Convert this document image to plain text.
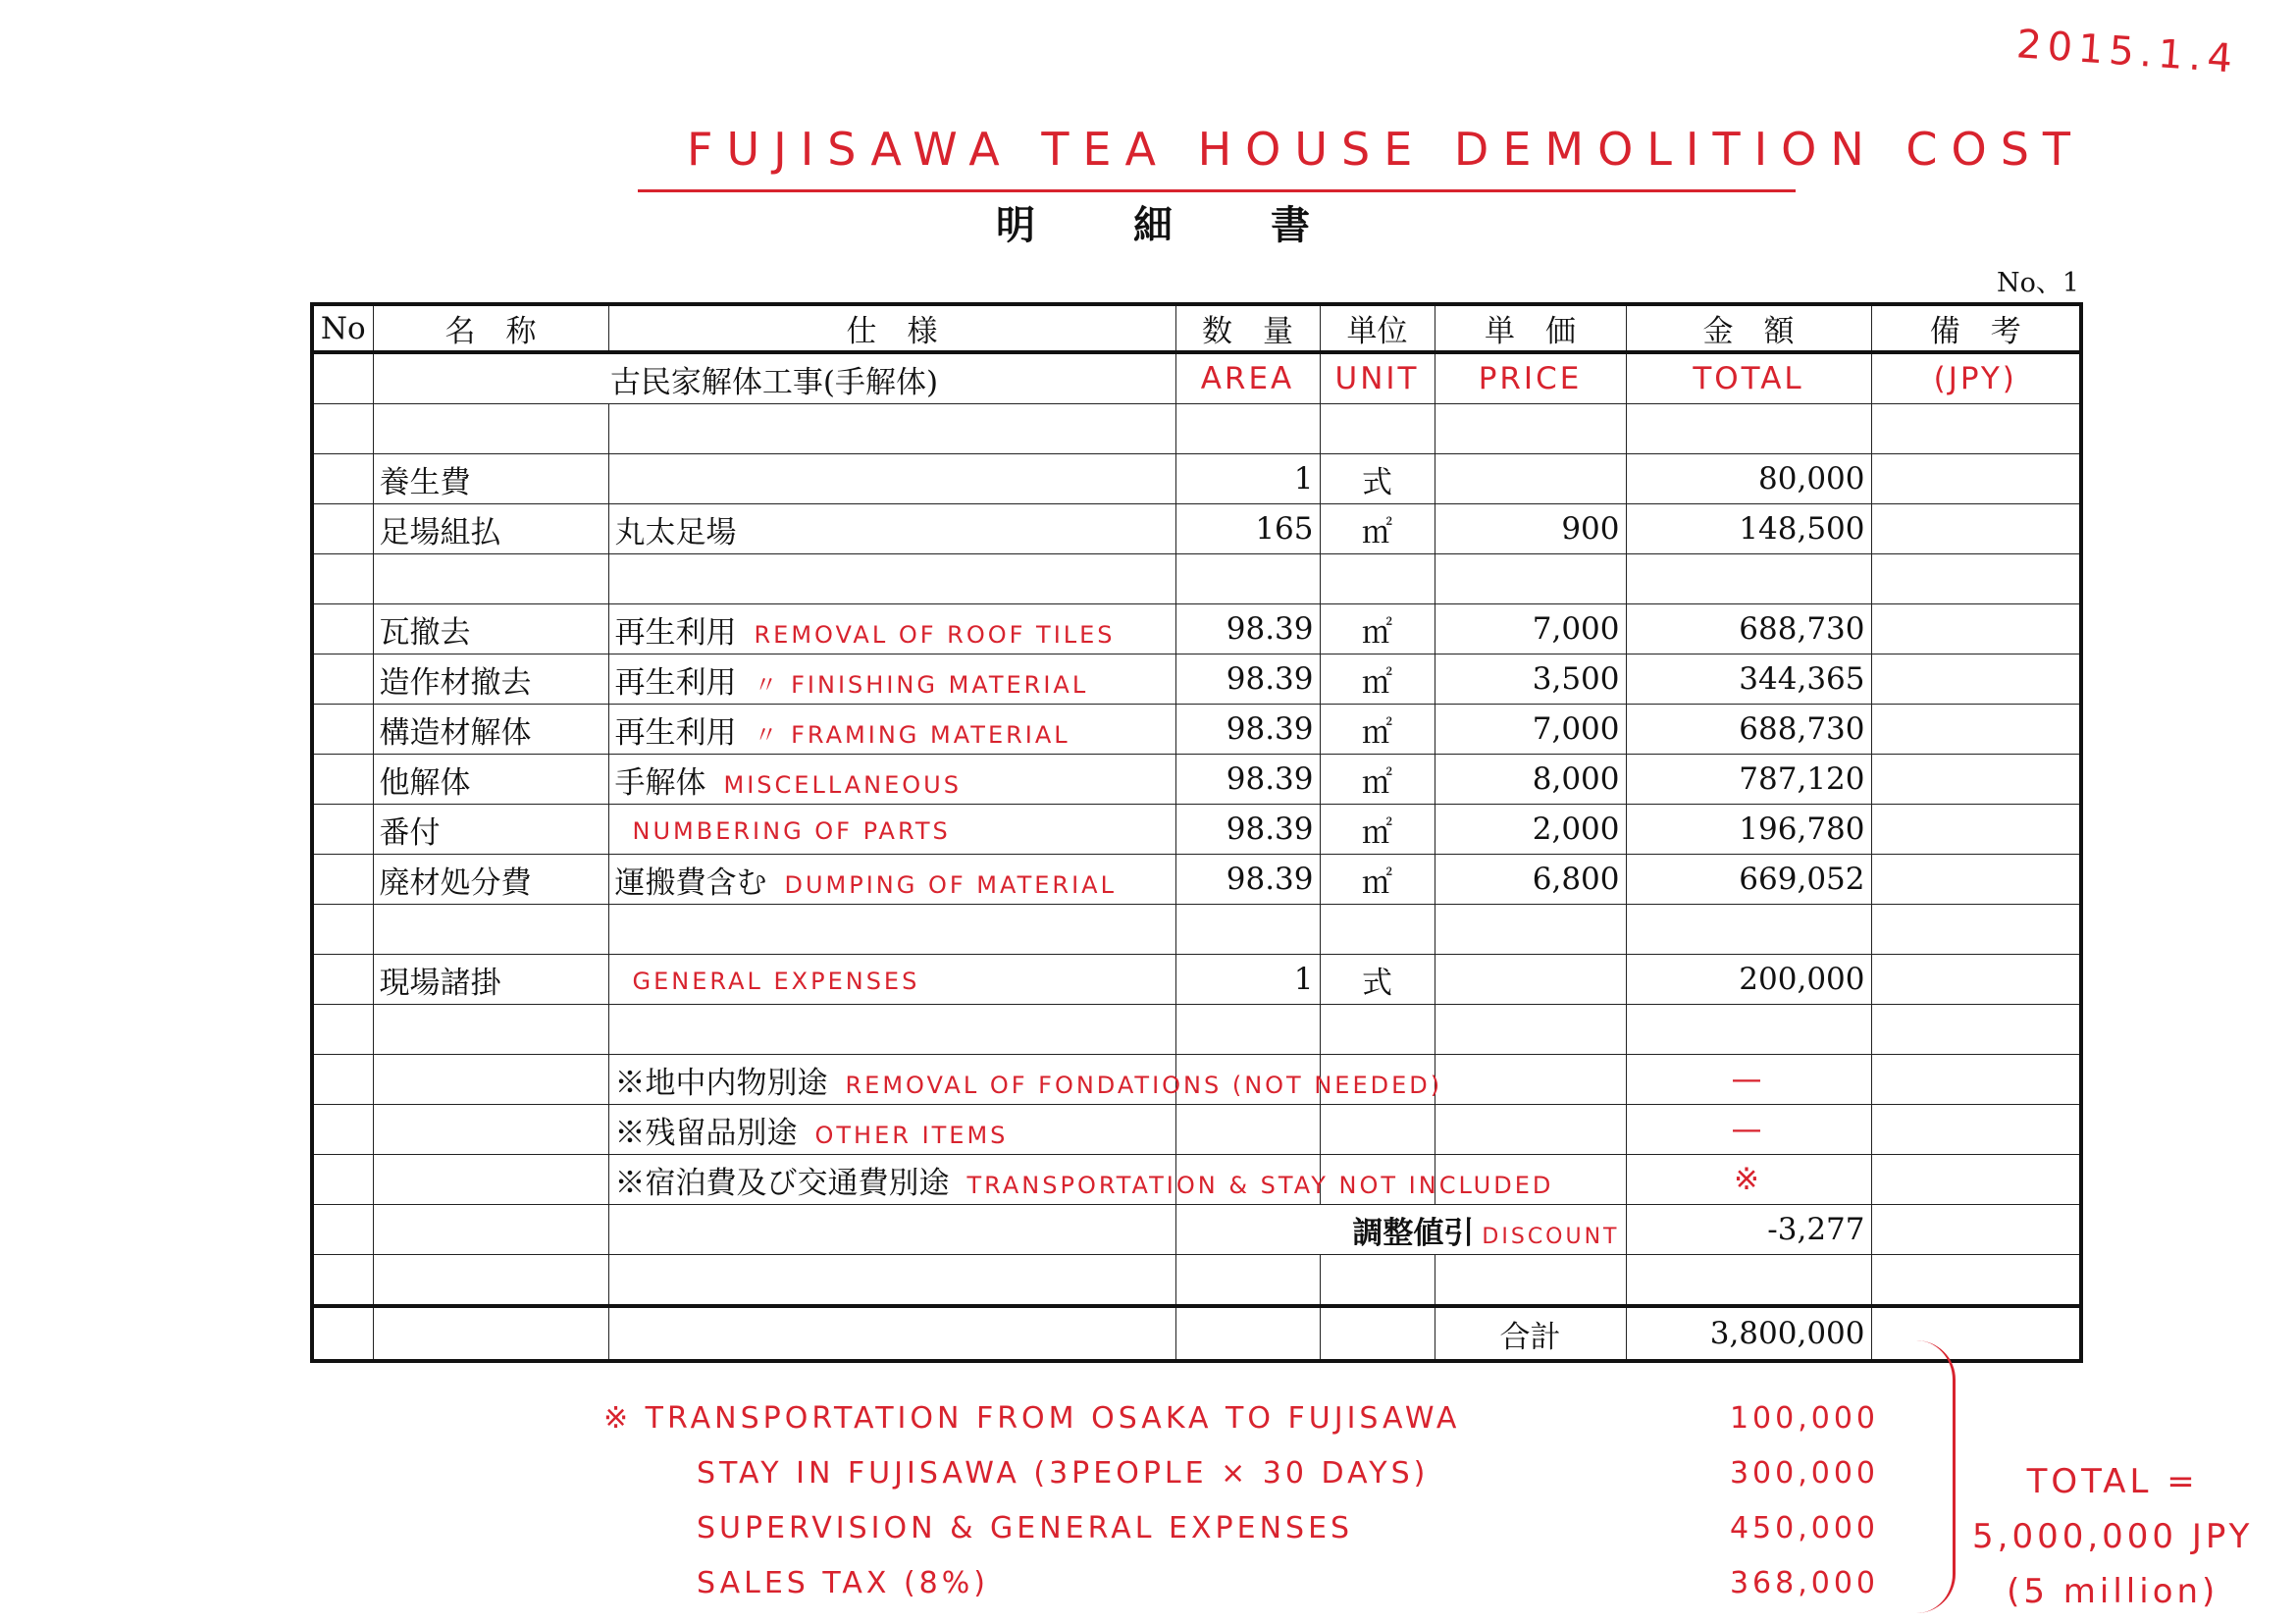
2015.1.4
FUJISAWA TEA HOUSE DEMOLITION COST
明細書
No、1
No	名　称	仕　様	数　量	単位	単　価	金　額	備　考
	古民家解体工事(手解体)		AREA	UNIT	PRICE	TOTAL	(JPY)

	養生費		1	式		80,000	
	足場組払	丸太足場	165	㎡	900	148,500	

	瓦撤去	再生利用 REMOVAL OF ROOF TILES	98.39	㎡	7,000	688,730	
	造作材撤去	再生利用 〃 FINISHING MATERIAL	98.39	㎡	3,500	344,365	
	構造材解体	再生利用 〃 FRAMING MATERIAL	98.39	㎡	7,000	688,730	
	他解体	手解体 MISCELLANEOUS	98.39	㎡	8,000	787,120	
	番付	NUMBERING OF PARTS	98.39	㎡	2,000	196,780	
	廃材処分費	運搬費含む DUMPING OF MATERIAL	98.39	㎡	6,800	669,052	

	現場諸掛	GENERAL EXPENSES	1	式		200,000	

		※地中内物別途 REMOVAL OF FONDATIONS (NOT NEEDED)				—	
		※残留品別途 OTHER ITEMS				—	
		※宿泊費及び交通費別途 TRANSPORTATION & STAY NOT INCLUDED				※	
			調整値引 DISCOUNT			-3,277	

					合計	3,800,000	
※ TRANSPORTATION FROM OSAKA TO FUJISAWA	100,000
STAY IN FUJISAWA (3PEOPLE × 30 DAYS)	300,000
SUPERVISION & GENERAL EXPENSES	450,000
SALES TAX (8%)	368,000
TOTAL =
5,000,000 JPY
(5 million)
